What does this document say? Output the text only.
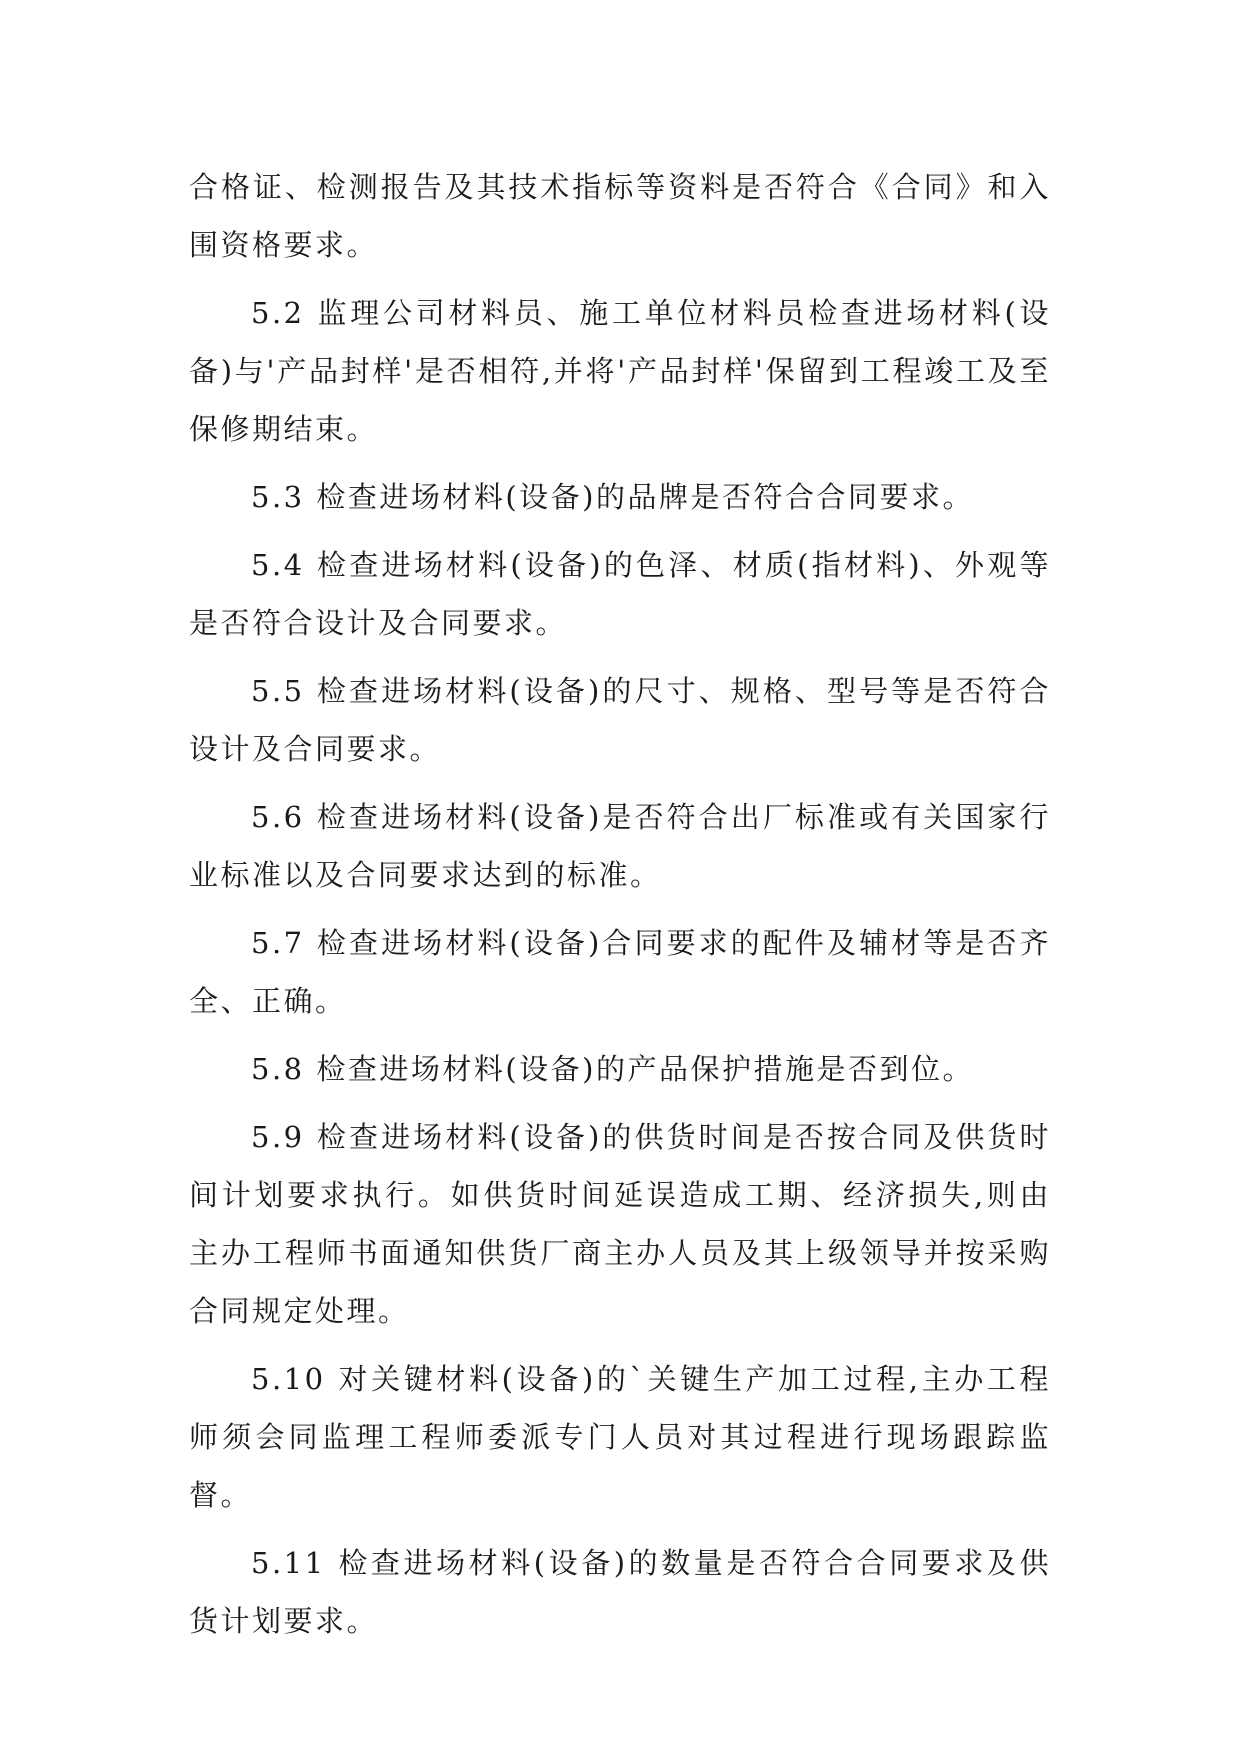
合格证、检测报告及其技术指标等资料是否符合《合同》和入围资格要求。

5.2 监理公司材料员、施工单位材料员检查进场材料(设备)与'产品封样'是否相符,并将'产品封样'保留到工程竣工及至保修期结束。

5.3 检查进场材料(设备)的品牌是否符合合同要求。

5.4 检查进场材料(设备)的色泽、材质(指材料)、外观等是否符合设计及合同要求。

5.5 检查进场材料(设备)的尺寸、规格、型号等是否符合设计及合同要求。

5.6 检查进场材料(设备)是否符合出厂标准或有关国家行业标准以及合同要求达到的标准。

5.7 检查进场材料(设备)合同要求的配件及辅材等是否齐全、正确。

5.8 检查进场材料(设备)的产品保护措施是否到位。

5.9 检查进场材料(设备)的供货时间是否按合同及供货时间计划要求执行。如供货时间延误造成工期、经济损失,则由主办工程师书面通知供货厂商主办人员及其上级领导并按采购合同规定处理。

5.10 对关键材料(设备)的`关键生产加工过程,主办工程师须会同监理工程师委派专门人员对其过程进行现场跟踪监督。

5.11 检查进场材料(设备)的数量是否符合合同要求及供货计划要求。
